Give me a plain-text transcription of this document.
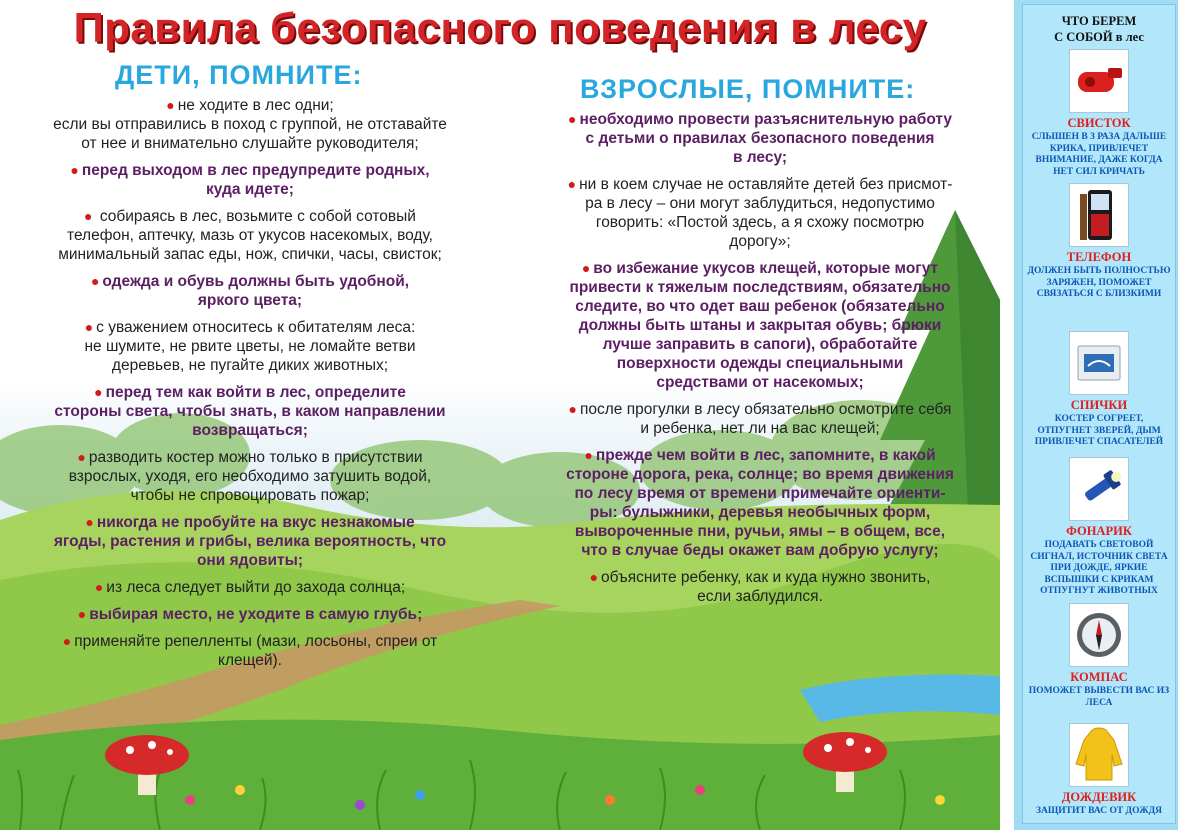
Правила безопасного поведения в лесу
ДЕТИ, ПОМНИТЕ:

● не ходите в лес одни;
если вы отправились в поход с группой, не отставайте
от нее и внимательно слушайте руководителя;

● перед выходом в лес предупредите родных,
куда идете;

● собираясь в лес, возьмите с собой сотовый
телефон, аптечку, мазь от укусов насекомых, воду,
минимальный запас еды, нож, спички, часы, свисток;

● одежда и обувь должны быть удобной,
яркого цвета;

● с уважением относитесь к обитателям леса:
не шумите, не рвите цветы, не ломайте ветви
деревьев, не пугайте диких животных;

● перед тем как войти в лес, определите
стороны света, чтобы знать, в каком направлении
возвращаться;

● разводить костер можно только в присутствии
взрослых, уходя, его необходимо затушить водой,
чтобы не спровоцировать пожар;

● никогда не пробуйте на вкус незнакомые
ягоды, растения и грибы, велика вероятность, что
они ядовиты;

● из леса следует выйти до захода солнца;

● выбирая место, не уходите в самую глубь;

● применяйте репелленты (мази, лосьоны, спреи от
клещей).

ВЗРОСЛЫЕ, ПОМНИТЕ:

● необходимо провести разъяснительную работу
с детьми о правилах безопасного поведения
в лесу;

● ни в коем случае не оставляйте детей без присмот-
ра в лесу – они могут заблудиться, недопустимо
говорить: «Постой здесь, а я схожу посмотрю
дорогу»;

● во избежание укусов клещей, которые могут
привести к тяжелым последствиям, обязательно
следите, во что одет ваш ребенок (обязательно
должны быть штаны и закрытая обувь; брюки
лучше заправить в сапоги), обработайте
поверхности одежды специальными
средствами от насекомых;

● после прогулки в лесу обязательно осмотрите себя
и ребенка, нет ли на вас клещей;

● прежде чем войти в лес, запомните, в какой
стороне дорога, река, солнце; во время движения
по лесу время от времени примечайте ориенти-
ры: булыжники, деревья необычных форм,
вывороченные пни, ручьи, ямы – в общем, все,
что в случае беды окажет вам добрую услугу;

● объясните ребенку, как и куда нужно звонить,
если заблудился.

ЧТО БЕРЕМ
С СОБОЙ в лес

СВИСТОК

СЛЫШЕН В 3 РАЗА ДАЛЬШЕ КРИКА, ПРИВЛЕЧЕТ ВНИМАНИЕ, ДАЖЕ КОГДА НЕТ СИЛ КРИЧАТЬ

ТЕЛЕФОН

ДОЛЖЕН БЫТЬ ПОЛНОСТЬЮ ЗАРЯЖЕН, ПОМОЖЕТ СВЯЗАТЬСЯ С БЛИЗКИМИ

СПИЧКИ

КОСТЕР СОГРЕЕТ, ОТПУГНЕТ ЗВЕРЕЙ, ДЫМ ПРИВЛЕЧЕТ СПАСАТЕЛЕЙ

ФОНАРИК

ПОДАВАТЬ СВЕТОВОЙ СИГНАЛ, ИСТОЧНИК СВЕТА ПРИ ДОЖДЕ, ЯРКИЕ ВСПЫШКИ С КРИКАМ ОТПУГНУТ ЖИВОТНЫХ

КОМПАС

ПОМОЖЕТ ВЫВЕСТИ ВАС ИЗ ЛЕСА

ДОЖДЕВИК

ЗАЩИТИТ ВАС ОТ ДОЖДЯ
